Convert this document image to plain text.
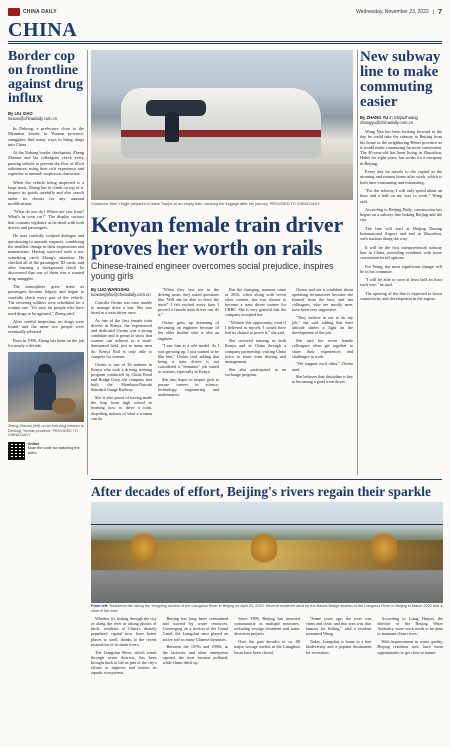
CHINA DAILY	Wednesday, November 23, 2022 | 7
CHINA
Border cop on frontline against drug influx
By LIU XIAO
liuxiao@chinadaily.com.cn

In Dehong, a prefecture close to the Myanmar border in Yunnan province, smugglers find many ways to bring drugs into China.

At the Nabang border checkpoint, Zheng Zhenrui and his colleagues check every passing vehicle to prevent the flow of illicit substances, using their rich experience and expertise to unmask suspicious characters.

When the vehicle being inspected is a large truck, Zheng has to climb on top of it, inspect its goods carefully and also search under its chassis for any unusual modifications.

"What do you do? Where are you from? What's in your car?" The display curious that contains vigilance as he deals with both drivers and passengers.

He uses carefully scripted dialogue and questioning to unmask suspects, combining the smallest change in their expressions and mannerisms. Having survived such a tea, something catch Zheng's attention. He checked all of the passengers' ID cards, and after learning a background check he discovered that one of them was a wanted drug smuggler.

The atmosphere grew tense as passengers became fidgety and began to carefully check every part of the vehicle. The secreting soldiers were scheduled for a routine one. "It's easy for people who have used drugs to be agitated," Zheng said.

After careful inspection, no drugs were found, and the same two people were eventually released.

Born in 1990, Zheng has been on the job for nearly a decade.

Zheng Zhenrui (left) on an anti-drug mission in Dehong, Yunnan province. PROVIDED TO CHINA DAILY
Online
Scan the code for watching the video
Conductor Wen Yingjie prepares to leave Tianjin on an empty train, carrying her luggage after her journey. PROVIDED TO CHINA DAILY
Kenyan female train driver proves her worth on rails
Chinese-trained engineer overcomes social prejudice, inspires young girls
By LUO WANGSHU
luowangshu@chinadaily.com.cn

Concilia Owino was once unable to manage drive a bus. She was hired as a train driver once.

As one of the first female train drivers in Kenya, the experienced and dedicated Owino was a strong candidate and is proud to show that women can achieve in a male-dominated field, just as many men do. Kenya Rail is only able to compete for women.

Owino is one of 26 trainees in Kenya who took a driving training program conducted by China Road and Bridge Corp, the company that built the Mombasa-Nairobi Standard Gauge Railway.

She is also proud of having made the leap from high school to learning how to drive a train, dispelling notions of what a woman can do.

"When they saw me in the driving room, they asked questions like 'Will she be able to drive the train?' I felt excited every time I proved a female train driver can do it."

Owino grew up dreaming of becoming an engineer because of her older brother who is also an engineer.

"I saw him as a role model. As I was growing up, I just wanted to be like him," Owino said, adding that being a train driver is not considered a "feminine" job suited to women, especially in Kenya.

She also hopes to inspire girls to pursue careers in science, technology, engineering and mathematics.

But the changing, moment came in 2016, when along with seven other women, she was chosen to become a train driver trainee for CRBC. She is very grateful that the company accepted her.

"Without this opportunity, even if I believed in myself, I would have had no chance to prove it," she said.

She received training in both Kenya and in China through a company partnership, visiting China twice to learn train driving and management.

She also participated in an exchange program.

Owino and she is confident about operating locomotives because she learned from the best, and her colleagues, who are mostly men, have been very supportive.

"They believe in me to do my job," she said, adding that their attitude shines a light on the development of the job.

She said her seven female colleagues often get together to share their experiences and challenges at work.

"We support each other," Owino said.

She believes that discipline is key to becoming a good train driver.

New subway line to make commuting easier
By ZHANG YU in Shijiazhuang
zhangyu@chinadaily.com.cn

Wang Nan has been looking forward to the day he could take the subway to Beijing from his home in the neighboring Hebei province as it would make commuting far more convenient. The 40-year-old has been living in Zhuozhou, Hebei for eight years, but works for a company in Beijing.

Every day he travels to the capital in the morning and returns home after work, which is both time-consuming and exhausting.

"For the subway, I will only spend about an hour and a half on my way to work," Wang said.

According to Beijing Daily, construction has begun on a subway line linking Beijing and the city.

The line will start at Beijing Daxing International Airport and end in Zhuozhou, with stations along the way.

It will be the first interprovincial subway line in China, providing residents with more convenient travel options.

For Wang, the most significant change will be in his commute.

"I will be able to save at least half an hour each way," he said.

The opening of the line is expected to boost connectivity and development in the region.

After decades of effort, Beijing's rivers regain their sparkle
From left: Residents fish along the Yongding section of the Liangshui River in Beijing on April 23, 2019. Several residents stroll by the Baima Bridge section of the Liangshui River in Beijing in March 2022 and a view of the river.

Whether it's fishing through the city or along the river or taking photos of birds, residents of China's densely populated capital now have better places to stroll, thanks to the recent restoration of its main rivers.

The Liangshui River, which winds through seven districts, has been brought back to life as part of the city's efforts to improve and restore its aquatic ecosystems.

Beijing has long been constrained and scarred by water resources. Converging on a section of the Grand Canal, the Liangshui once played an active role in many Chinese dynasties.

Between the 1970s and 1990s, as the factories and other enterprises opened, the river became polluted, while slums dried up.

Since 1998, Beijing has invested continuously in multiple measures, including sewage treatment and water diversion projects.

Over the past decades or so, 88 major sewage outlets in the Liangshui basin have been closed.

"Some years ago, the river was clean and clear, and this area was also famous for fishing," said a resident surnamed Wang.

Today, Liangshui is home to a fine biodiversity and a popular destination for recreation.

According to Liang Huijun, the director of the Beijing Water Authority, more work needs to be done to maintain clean rivers.

With improvement in water quality, Beijing residents now have more opportunities to get close to nature.
